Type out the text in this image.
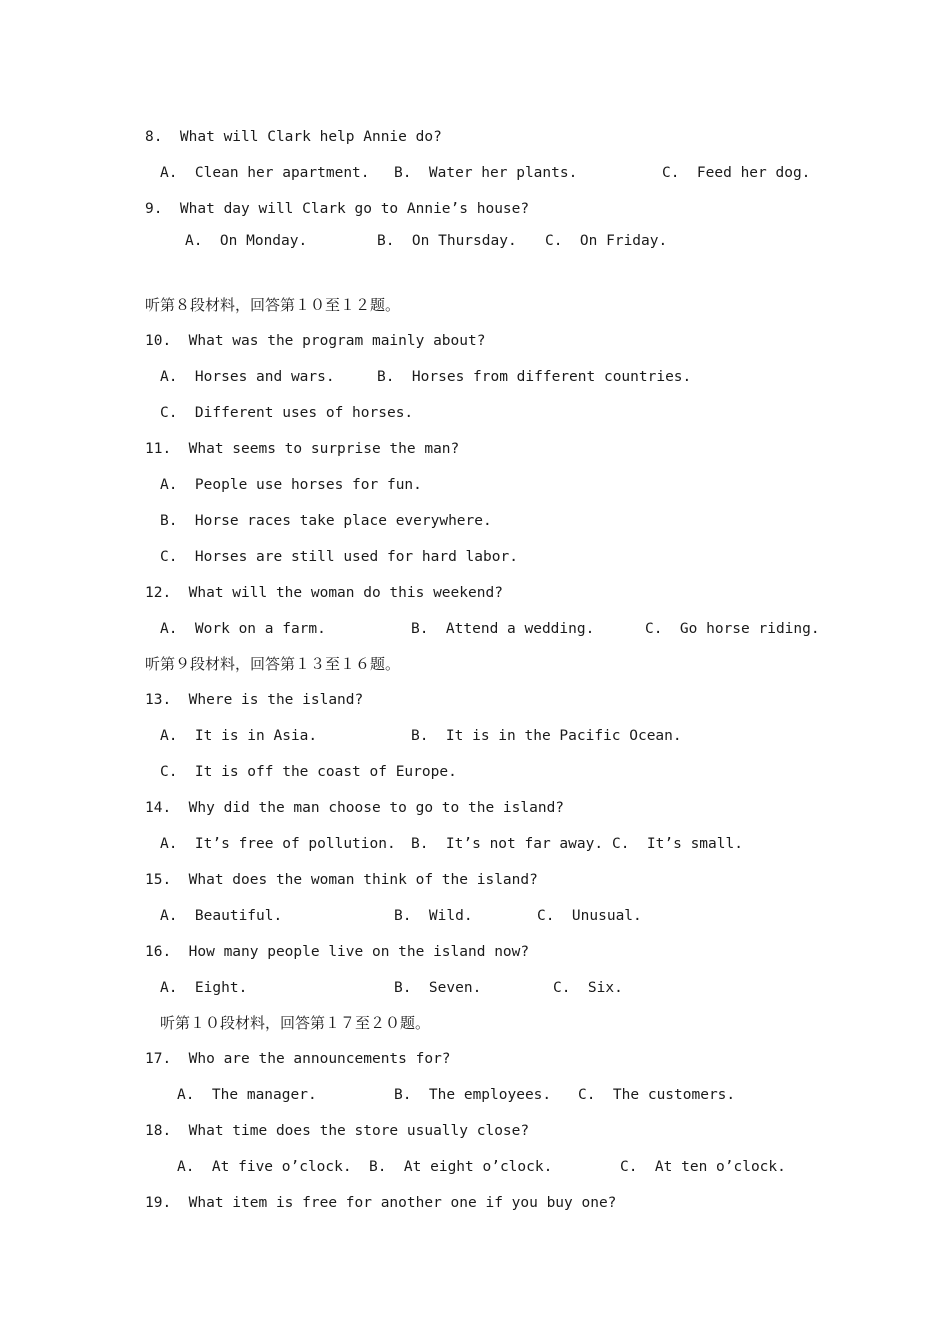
8.  What will Clark help Annie do?
A.  Clean her apartment. B.  Water her plants.	C.  Feed her dog.
9.  What day will Clark go to Annie’s house?
A.  On Monday.	B.  On Thursday. C.  On Friday.
听第８段材料，回答第１０至１２题。
10.  What was the program mainly about?
A.  Horses and wars.	B.  Horses from different countries.
C.  Different uses of horses.
11.  What seems to surprise the man?
A.  People use horses for fun.
B.  Horse races take place everywhere.
C.  Horses are still used for hard labor.
12.  What will the woman do this weekend?
A.  Work on a farm.	B.  Attend a wedding.	C.  Go horse riding.
听第９段材料，回答第１３至１６题。
13.  Where is the island?
A.  It is in Asia.	B.  It is in the Pacific Ocean.
C.  It is off the coast of Europe.
14.  Why did the man choose to go to the island?
A.  It’s free of pollution. B.  It’s not far away. C.  It’s small.
15.  What does the woman think of the island?
A.  Beautiful.	B.  Wild.	C.  Unusual.
16.  How many people live on the island now?
A.  Eight.	B.  Seven.	C.  Six.
听第１０段材料，回答第１７至２０题。
17.  Who are the announcements for?
A.  The manager.	B.  The employees. C.  The customers.
18.  What time does the store usually close?
A.  At five o’clock. B.  At eight o’clock.	C.  At ten o’clock.
19.  What item is free for another one if you buy one?
